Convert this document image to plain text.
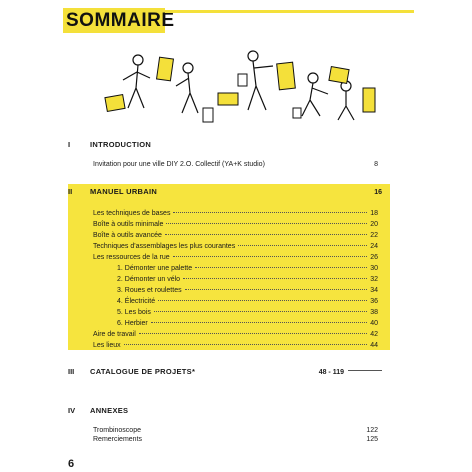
SOMMAIRE
I	INTRODUCTION
Invitation pour une ville DIY 2.O. Collectif (YA+K studio)	8
II	MANUEL URBAIN	16
Les techniques de bases	18
Boîte à outils minimale	20
Boîte à outils avancée	22
Techniques d'assemblages les plus courantes	24
Les ressources de la rue	26
1. Démonter une palette	30
2. Démonter un vélo	32
3. Roues et roulettes	34
4. Électricité	36
5. Les bois	38
6. Herbier	40
Aire de travail	42
Les lieux	44
III	CATALOGUE DE PROJETS*	48 - 119
IV	ANNEXES
Trombinoscope	122
Remerciements	125
6
